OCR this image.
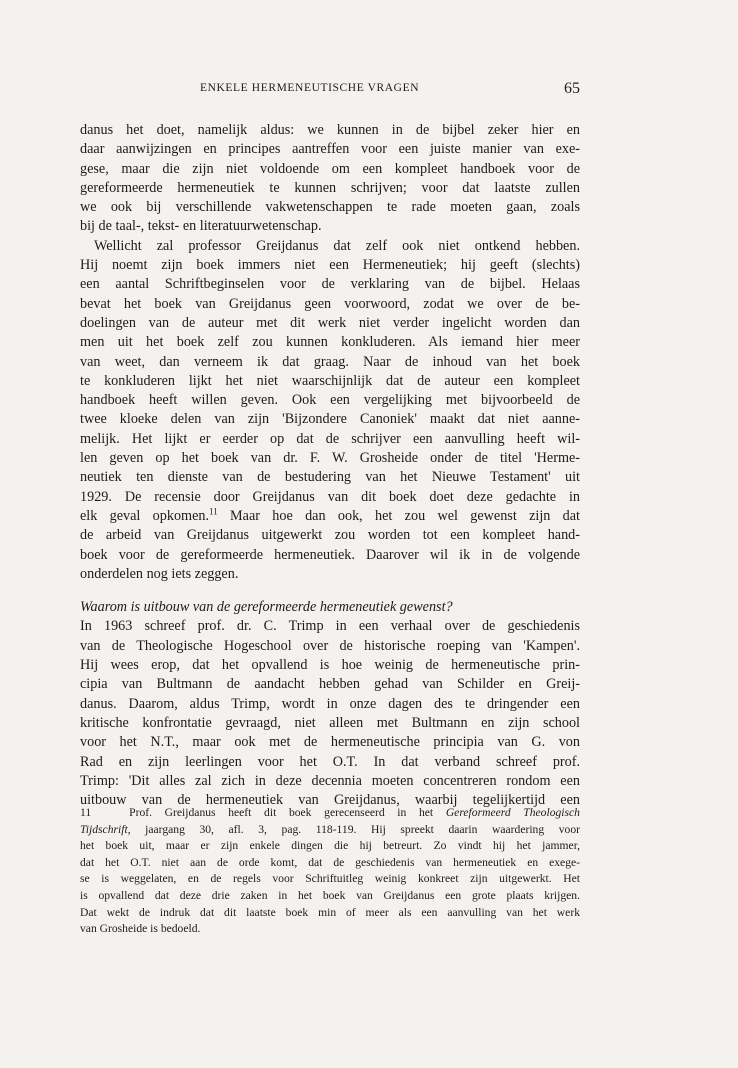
ENKELE HERMENEUTISCHE VRAGEN	65
danus het doet, namelijk aldus: we kunnen in de bijbel zeker hier en
daar aanwijzingen en principes aantreffen voor een juiste manier van exe-
gese, maar die zijn niet voldoende om een kompleet handboek voor de
gereformeerde hermeneutiek te kunnen schrijven; voor dat laatste zullen
we ook bij verschillende vakwetenschappen te rade moeten gaan, zoals
bij de taal-, tekst- en literatuurwetenschap.
Wellicht zal professor Greijdanus dat zelf ook niet ontkend hebben.
Hij noemt zijn boek immers niet een Hermeneutiek; hij geeft (slechts)
een aantal Schriftbeginselen voor de verklaring van de bijbel. Helaas
bevat het boek van Greijdanus geen voorwoord, zodat we over de be-
doelingen van de auteur met dit werk niet verder ingelicht worden dan
men uit het boek zelf zou kunnen konkluderen. Als iemand hier meer
van weet, dan verneem ik dat graag. Naar de inhoud van het boek
te konkluderen lijkt het niet waarschijnlijk dat de auteur een kompleet
handboek heeft willen geven. Ook een vergelijking met bijvoorbeeld de
twee kloeke delen van zijn 'Bijzondere Canoniek' maakt dat niet aanne-
melijk. Het lijkt er eerder op dat de schrijver een aanvulling heeft wil-
len geven op het boek van dr. F. W. Grosheide onder de titel 'Herme-
neutiek ten dienste van de bestudering van het Nieuwe Testament' uit
1929. De recensie door Greijdanus van dit boek doet deze gedachte in
elk geval opkomen.$^{11}$ Maar hoe dan ook, het zou wel gewenst zijn dat
de arbeid van Greijdanus uitgewerkt zou worden tot een kompleet hand-
boek voor de gereformeerde hermeneutiek. Daarover wil ik in de volgende
onderdelen nog iets zeggen.
Waarom is uitbouw van de gereformeerde hermeneutiek gewenst?
In 1963 schreef prof. dr. C. Trimp in een verhaal over de geschiedenis
van de Theologische Hogeschool over de historische roeping van 'Kampen'.
Hij wees erop, dat het opvallend is hoe weinig de hermeneutische prin-
cipia van Bultmann de aandacht hebben gehad van Schilder en Greij-
danus. Daarom, aldus Trimp, wordt in onze dagen des te dringender een
kritische konfrontatie gevraagd, niet alleen met Bultmann en zijn school
voor het N.T., maar ook met de hermeneutische principia van G. von
Rad en zijn leerlingen voor het O.T. In dat verband schreef prof.
Trimp: 'Dit alles zal zich in deze decennia moeten concentreren rondom een
uitbouw van de hermeneutiek van Greijdanus, waarbij tegelijkertijd een
11	Prof. Greijdanus heeft dit boek gerecenseerd in het Gereformeerd Theologisch
Tijdschrift, jaargang 30, afl. 3, pag. 118-119. Hij spreekt daarin waardering voor
het boek uit, maar er zijn enkele dingen die hij betreurt. Zo vindt hij het jammer,
dat het O.T. niet aan de orde komt, dat de geschiedenis van hermeneutiek en exege-
se is weggelaten, en de regels voor Schriftuitleg weinig konkreet zijn uitgewerkt. Het
is opvallend dat deze drie zaken in het boek van Greijdanus een grote plaats krijgen.
Dat wekt de indruk dat dit laatste boek min of meer als een aanvulling van het werk
van Grosheide is bedoeld.
